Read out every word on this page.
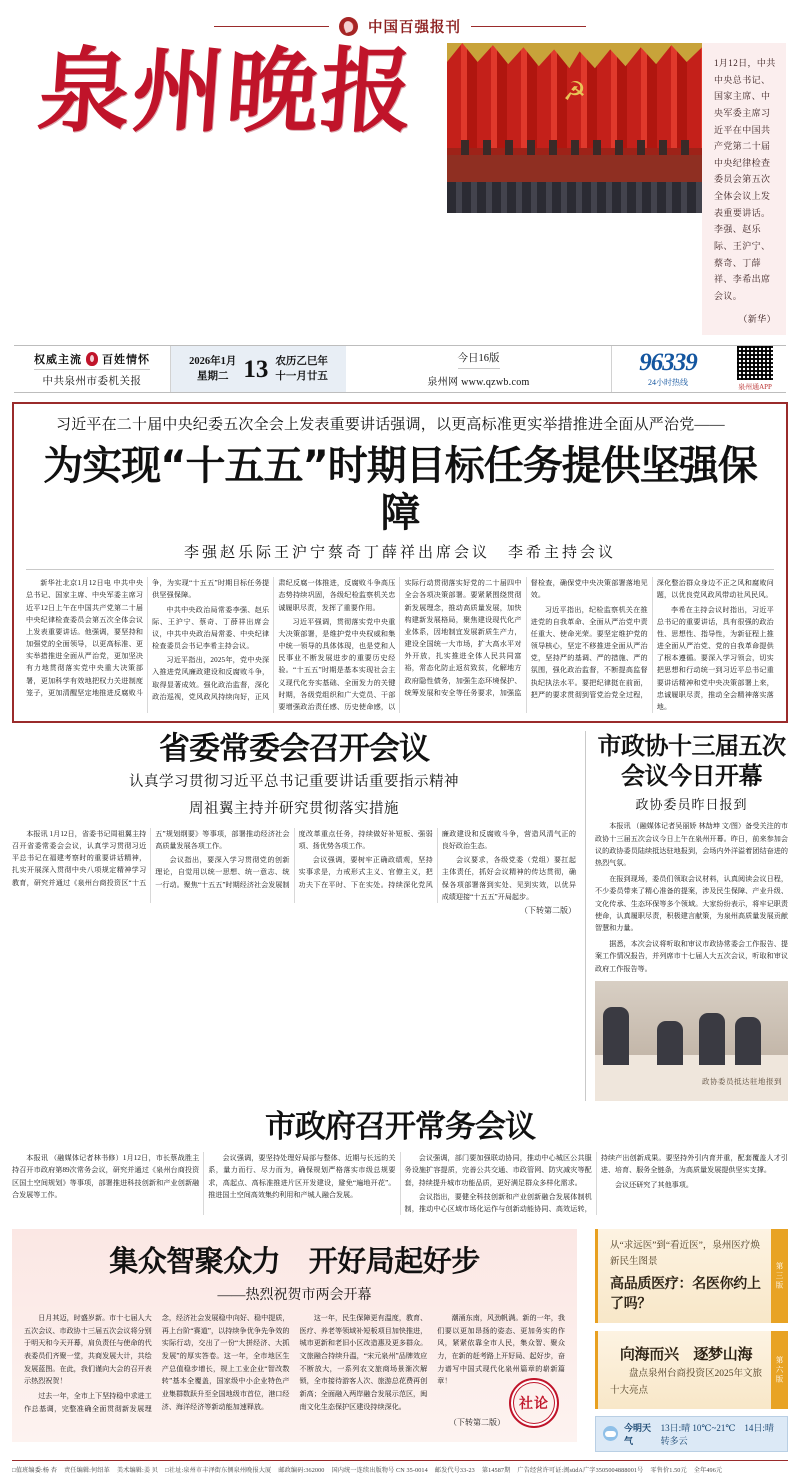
中国百强报刊
泉州晚报	☭
1月12日，中共中央总书记、国家主席、中央军委主席习近平在中国共产党第二十届中央纪律检查委员会第五次全体会议上发表重要讲话。李强、赵乐际、王沪宁、蔡奇、丁薛祥、李希出席会议。
（新华）
权威主流 百姓情怀
中共泉州市委机关报
2026年1月
星期二 13 农历乙巳年
十一月廿五
今日16版
泉州网 www.qzwb.com
96339
24小时热线	泉州通APP
习近平在二十届中央纪委五次全会上发表重要讲话强调，以更高标准更实举措推进全面从严治党——
为实现“十五五”时期目标任务提供坚强保障
李强赵乐际王沪宁蔡奇丁薛祥出席会议　李希主持会议

新华社北京1月12日电 中共中央总书记、国家主席、中央军委主席习近平12日上午在中国共产党第二十届中央纪律检查委员会第五次全体会议上发表重要讲话。他强调，要坚持和加强党的全面领导，以更高标准、更实举措推进全面从严治党，更加坚决有力地贯彻落实党中央重大决策部署，更加科学有效地把权力关进制度笼子，更加清醒坚定地推进反腐败斗争，为实现“十五五”时期目标任务提供坚强保障。

中共中央政治局常委李强、赵乐际、王沪宁、蔡奇、丁薛祥出席会议，中共中央政治局常委、中央纪律检查委员会书记李希主持会议。

习近平指出，2025年，党中央深入推进党风廉政建设和反腐败斗争，取得显著成效。强化政治监督，深化政治巡视，党风政风持续向好，正风肃纪反腐一体推进，反腐败斗争高压态势持续巩固，各级纪检监察机关忠诚履职尽责，发挥了重要作用。

习近平强调，贯彻落实党中央重大决策部署，是维护党中央权威和集中统一领导的具体体现，也是党和人民事业不断发展进步的重要历史经验。“十五五”时期是基本实现社会主义现代化夯实基础、全面发力的关键时期，各级党组织和广大党员、干部要增强政治责任感、历史使命感，以实际行动贯彻落实好党的二十届四中全会各项决策部署。要紧紧围绕贯彻新发展理念，推动高质量发展，加快构建新发展格局，聚焦建设现代化产业体系，因地制宜发展新质生产力，建设全国统一大市场，扩大高水平对外开放，扎实推进全体人民共同富裕，常态化防止返贫致贫，化解地方政府隐性债务，加强生态环境保护、统筹发展和安全等任务要求，加强监督检查，确保党中央决策部署落地见效。

习近平指出，纪检监察机关在推进党的自我革命、全面从严治党中责任重大、使命光荣。要坚定维护党的领导核心，坚定不移推进全面从严治党，坚持严的基调、严的措施、严的氛围，强化政治监督，不断提高监督执纪执法水平。要把纪律挺在前面，把严的要求贯彻到管党治党全过程，深化整治群众身边不正之风和腐败问题，以优良党风政风带动社风民风。

李希在主持会议时指出，习近平总书记的重要讲话，具有很强的政治性、思想性、指导性，为新征程上推进全面从严治党、党的自我革命提供了根本遵循。要深入学习领会，切实把思想和行动统一到习近平总书记重要讲话精神和党中央决策部署上来，忠诚履职尽责，推动全会精神落实落地。

省委常委会召开会议
认真学习贯彻习近平总书记重要讲话重要指示精神
周祖翼主持并研究贯彻落实措施

本报讯 1月12日，省委书记周祖翼主持召开省委常委会会议，认真学习贯彻习近平总书记在福建考察时的重要讲话精神，扎实开展深入贯彻中央八项规定精神学习教育，研究并通过《泉州台商投资区“十五五”规划纲要》等事项，部署推动经济社会高质量发展各项工作。

会议指出，要深入学习贯彻党的创新理论，自觉用以统一思想、统一意志、统一行动。聚焦“十五五”时期经济社会发展制度改革重点任务，持续做好补短板、强弱项、扬优势各项工作。

会议强调，要树牢正确政绩观，坚持实事求是，力戒形式主义、官僚主义，把功夫下在平时、下在实处。持续深化党风廉政建设和反腐败斗争，营造风清气正的良好政治生态。

会议要求，各级党委（党组）要扛起主体责任，抓好会议精神的传达贯彻，确保各项部署落到实处、见到实效，以优异成绩迎接“十五五”开局起步。

（下转第二版）
市政协十三届五次会议今日开幕
政协委员昨日报到

本报讯 （融媒体记者吴丽娇 林劼坤 文/图）备受关注的市政协十三届五次会议今日上午在泉州开幕。昨日，前来参加会议的政协委员陆续抵达驻地报到，会场内外洋溢着团结奋进的热烈气氛。

在报到现场，委员们领取会议材料，认真阅读会议日程，不少委员带来了精心准备的提案，涉及民生保障、产业升级、文化传承、生态环保等多个领域。大家纷纷表示，将牢记职责使命，认真履职尽责，积极建言献策，为泉州高质量发展贡献智慧和力量。

据悉，本次会议将听取和审议市政协常委会工作报告、提案工作情况报告，并列席市十七届人大五次会议，听取和审议政府工作报告等。

政协委员抵达驻地报到
市政府召开常务会议

本报讯 （融媒体记者林书修）1月12日，市长蔡战胜主持召开市政府第89次常务会议，研究并通过《泉州台商投资区国土空间规划》等事项，部署推进科技创新和产业创新融合发展等工作。

会议强调，要坚持处理好局部与整体、近期与长远的关系，量力而行、尽力而为，确保规划严格落实市级总规要求，高起点、高标准推进片区开发建设，避免“遍地开花”。推进国土空间高效集约利用和产城人融合发展。

会议强调，部门要加强联动协同，推动中心城区公共服务设施扩容提质，完善公共交通、市政管网、防灾减灾等配套，持续提升城市功能品质，更好满足群众多样化需求。

会议指出，要健全科技创新和产业创新融合发展体制机制，推动中心区域市场化运作与创新动能协同、高效运转，持续产出创新成果。要坚持外引内育并重，配套覆盖人才引进、培育、服务全链条，为高质量发展提供坚实支撑。

会议还研究了其他事项。

集众智聚众力　开好局起好步
——热烈祝贺市两会开幕

日月其迈，时盛岁新。市十七届人大五次会议、市政协十三届五次会议将分别于明天和今天开幕，肩负责任与使命的代表委员们齐聚一堂，共商发展大计，共绘发展蓝图。在此，我们谨向大会的召开表示热烈祝贺！

过去一年，全市上下坚持稳中求进工作总基调，完整准确全面贯彻新发展理念，经济社会发展稳中向好、稳中提质，再上台阶“赛道”，以持续争优争先争效的实际行动，交出了一份“大拼经济、大抓发展”的厚实答卷。这一年，全市地区生产总值稳步增长，规上工业企业“智改数转”基本全覆盖，国家级中小企业特色产业集群数跃升至全国地级市首位，港口经济、海洋经济等新动能加速释放。

这一年，民生保障更有温度，教育、医疗、养老等领域补短板项目加快推进，城市更新和老旧小区改造惠及更多群众。文旅融合持续升温，“宋元泉州”品牌效应不断放大，一系列农文旅商场景渐次解锁，全市接待游客人次、旅游总花费再创新高；全面融入两岸融合发展示范区，闽南文化生态保护区建设持续深化。

潮涌东南，风劲帆满。新的一年，我们要以更加昂扬的姿态、更加务实的作风，紧紧依靠全市人民，集众智、聚众力，在新的赶考路上开好局、起好步，奋力谱写中国式现代化泉州篇章的崭新篇章！

（下转第二版）
社论
从“求远医”到“看近医”，泉州医疗焕新民生图景
高品质医疗：名医你约上了吗？
第三版
向海而兴　逐梦山海
盘点泉州台商投资区2025年文旅十大亮点
第六版
今明天气
13日:晴 10℃~21℃　14日:晴转多云
□值班编委:杨 杏 责任编辑:何绍革 美术编辑:姜 贝 □社址:泉州市丰泽街东侧泉州晚报大厦 邮政编码:362000 国内统一连续出版物号 CN 35-0014 邮发代号33-23 第14587期 广告经营许可证:闽südA广字3505004888001号 零售价1.50元 全年496元
